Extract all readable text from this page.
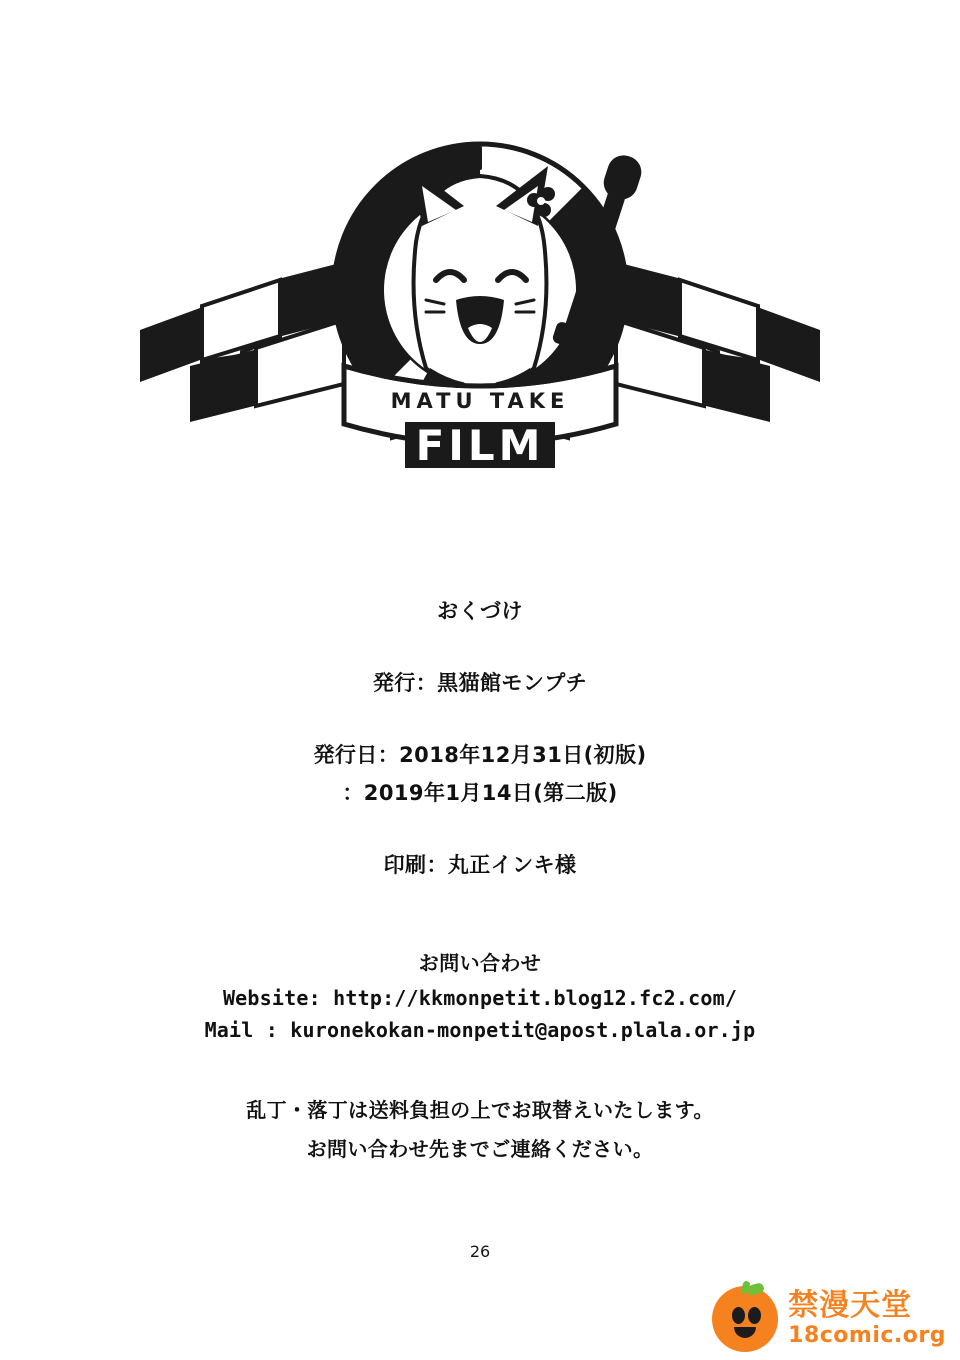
MATU TAKE
FILM
おくづけ
発行：黒猫館モンプチ
発行日：2018年12月31日(初版)
：2019年1月14日(第二版)
印刷：丸正インキ様
お問い合わせ
Website: http://kkmonpetit.blog12.fc2.com/
Mail : kuronekokan-monpetit@apost.plala.or.jp
乱丁・落丁は送料負担の上でお取替えいたします。
お問い合わせ先までご連絡ください。
26
禁漫天堂
18comic.org
